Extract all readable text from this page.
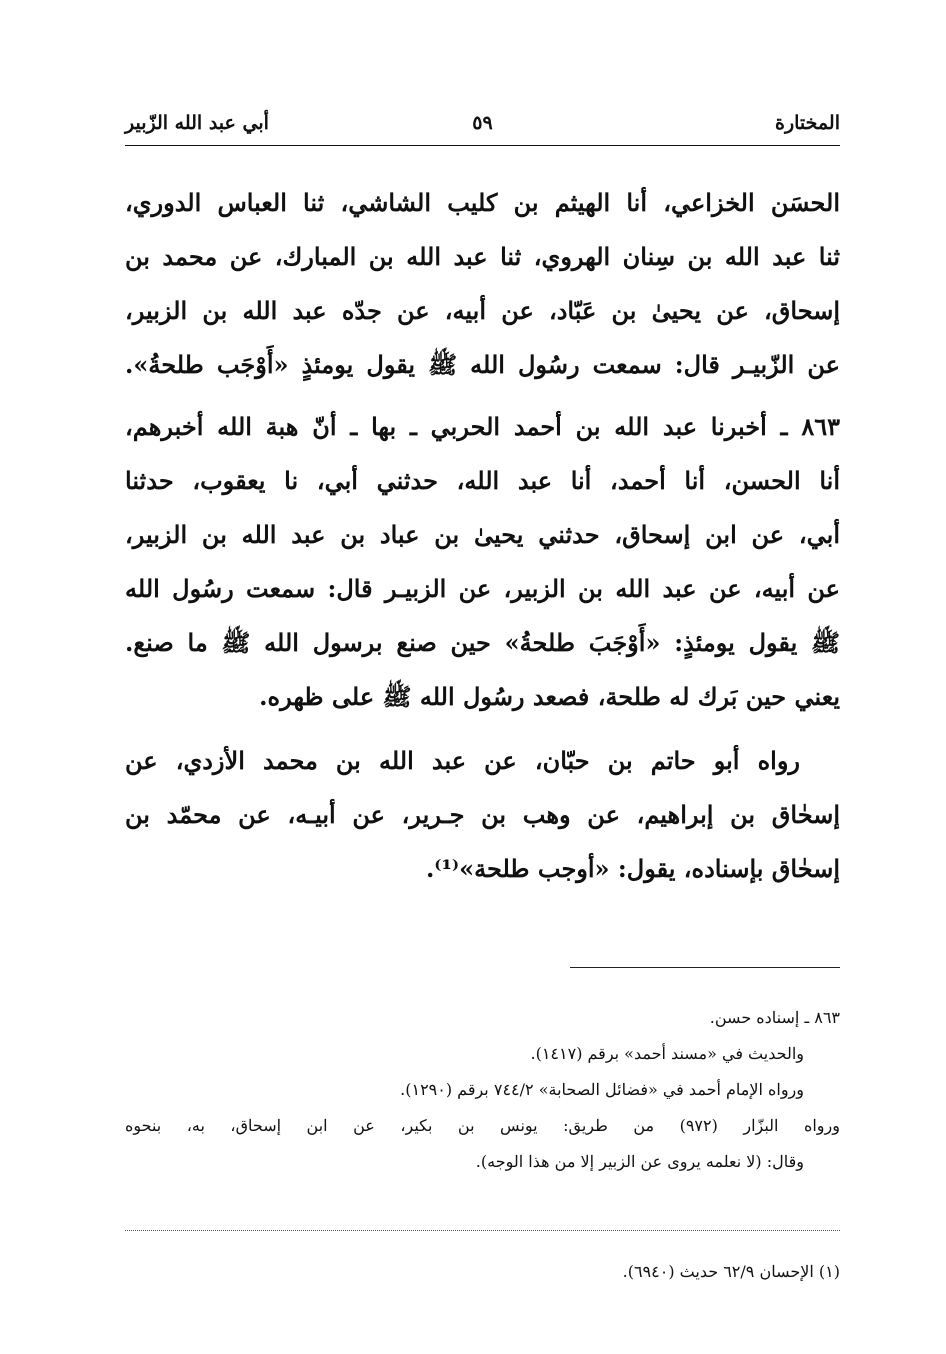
المختارة
٥٩
أبي عبد الله الزّبير

الحسَن الخزاعي، أنا الهيثم بن كليب الشاشي، ثنا العباس الدوري،

ثنا عبد الله بن سِنان الهروي، ثنا عبد الله بن المبارك، عن محمد بن

إسحاق، عن يحيىٰ بن عَبّاد، عن أبيه، عن جدّه عبد الله بن الزبير،

عن الزّبيـر قال: سمعت رسُول الله ﷺ يقول يومئذٍ «أَوْجَب طلحةُ».

٨٦٣ ـ أخبرنا عبد الله بن أحمد الحربي ـ بها ـ أنّ هبة الله أخبرهم،

أنا الحسن، أنا أحمد، أنا عبد الله، حدثني أبي، نا يعقوب، حدثنا

أبي، عن ابن إسحاق، حدثني يحيىٰ بن عباد بن عبد الله بن الزبير،

عن أبيه، عن عبد الله بن الزبير، عن الزبيـر قال: سمعت رسُول الله

ﷺ يقول يومئذٍ: «أَوْجَبَ طلحةُ» حين صنع برسول الله ﷺ ما صنع.

يعني حين بَرك له طلحة، فصعد رسُول الله ﷺ على ظهره.

رواه أبو حاتم بن حبّان، عن عبد الله بن محمد الأزدي، عن

إسحٰاق بن إبراهيم، عن وهب بن جـرير، عن أبيـه، عن محمّد بن

إسحٰاق بإسناده، يقول: «أوجب طلحة»⁽¹⁾.

٨٦٣ ـ إسناده حسن.

والحديث في «مسند أحمد» برقم (١٤١٧).

ورواه الإمام أحمد في «فضائل الصحابة» ٧٤٤/٢ برقم (١٢٩٠).

ورواه البزّار (٩٧٢) من طريق: يونس بن بكير، عن ابن إسحاق، به، بنحوه

وقال: (لا نعلمه يروى عن الزبير إلا من هذا الوجه).

(١) الإحسان ٦٢/٩ حديث (٦٩٤٠).
